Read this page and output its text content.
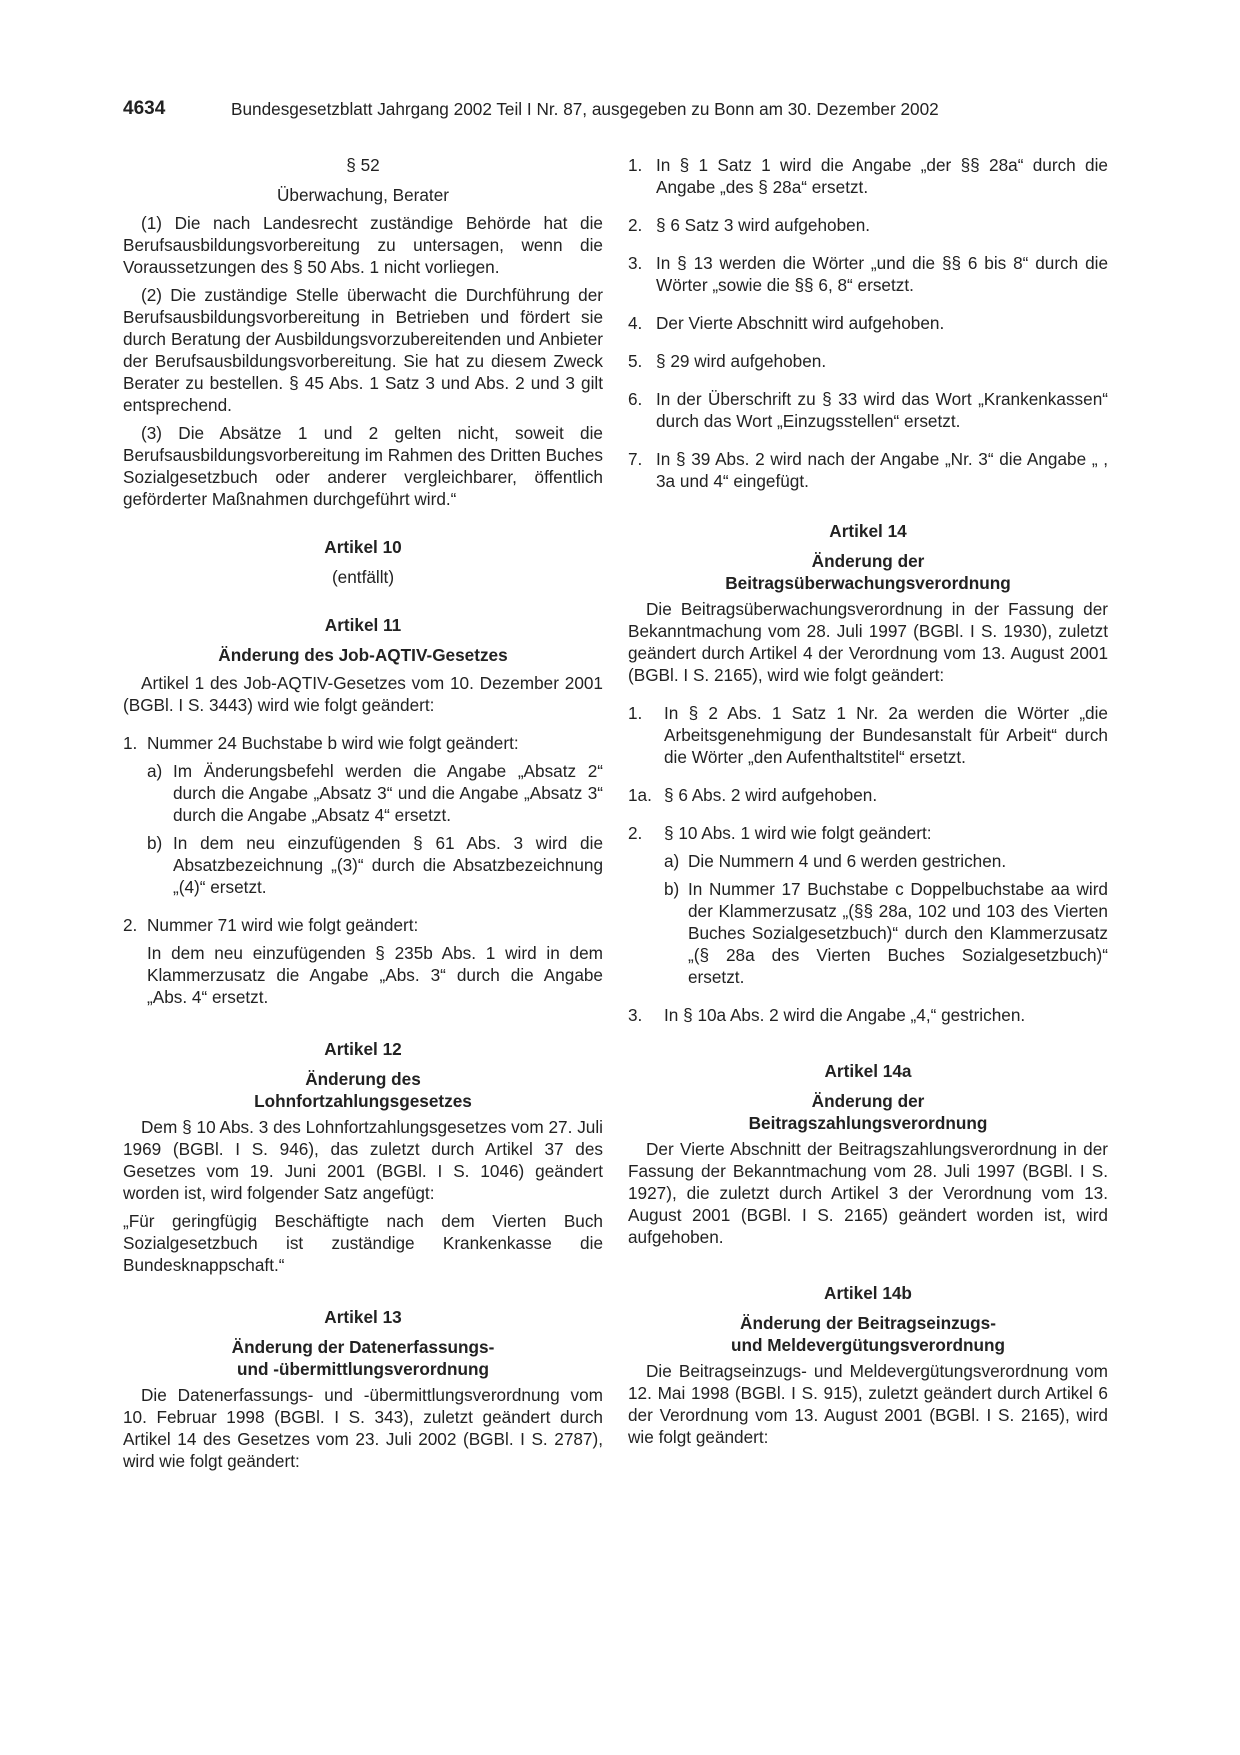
4634	Bundesgesetzblatt Jahrgang 2002 Teil I Nr. 87, ausgegeben zu Bonn am 30. Dezember 2002

§ 52

Überwachung, Berater

(1) Die nach Landesrecht zuständige Behörde hat die Berufsausbildungsvorbereitung zu untersagen, wenn die Voraussetzungen des § 50 Abs. 1 nicht vorliegen.

(2) Die zuständige Stelle überwacht die Durchführung der Berufsausbildungsvorbereitung in Betrieben und fördert sie durch Beratung der Ausbildungsvorzubereitenden und Anbieter der Berufsausbildungsvorbereitung. Sie hat zu diesem Zweck Berater zu bestellen. § 45 Abs. 1 Satz 3 und Abs. 2 und 3 gilt entsprechend.

(3) Die Absätze 1 und 2 gelten nicht, soweit die Berufsausbildungsvorbereitung im Rahmen des Dritten Buches Sozialgesetzbuch oder anderer vergleichbarer, öffentlich geförderter Maßnahmen durchgeführt wird.“

Artikel 10

(entfällt)

Artikel 11

Änderung des Job-AQTIV-Gesetzes

Artikel 1 des Job-AQTIV-Gesetzes vom 10. Dezember 2001 (BGBl. I S. 3443) wird wie folgt geändert:

1. Nummer 24 Buchstabe b wird wie folgt geändert:

a) Im Änderungsbefehl werden die Angabe „Absatz 2“ durch die Angabe „Absatz 3“ und die Angabe „Absatz 3“ durch die Angabe „Absatz 4“ ersetzt.

b) In dem neu einzufügenden § 61 Abs. 3 wird die Absatzbezeichnung „(3)“ durch die Absatzbezeichnung „(4)“ ersetzt.

2. Nummer 71 wird wie folgt geändert:

In dem neu einzufügenden § 235b Abs. 1 wird in dem Klammerzusatz die Angabe „Abs. 3“ durch die Angabe „Abs. 4“ ersetzt.

Artikel 12

Änderung des

Lohnfortzahlungsgesetzes

Dem § 10 Abs. 3 des Lohnfortzahlungsgesetzes vom 27. Juli 1969 (BGBl. I S. 946), das zuletzt durch Artikel 37 des Gesetzes vom 19. Juni 2001 (BGBl. I S. 1046) geändert worden ist, wird folgender Satz angefügt:

„Für geringfügig Beschäftigte nach dem Vierten Buch Sozialgesetzbuch ist zuständige Krankenkasse die Bundesknappschaft.“

Artikel 13

Änderung der Datenerfassungs-

und -übermittlungsverordnung

Die Datenerfassungs- und -übermittlungsverordnung vom 10. Februar 1998 (BGBl. I S. 343), zuletzt geändert durch Artikel 14 des Gesetzes vom 23. Juli 2002 (BGBl. I S. 2787), wird wie folgt geändert:

1. In § 1 Satz 1 wird die Angabe „der §§ 28a“ durch die Angabe „des § 28a“ ersetzt.

2. § 6 Satz 3 wird aufgehoben.

3. In § 13 werden die Wörter „und die §§ 6 bis 8“ durch die Wörter „sowie die §§ 6, 8“ ersetzt.

4. Der Vierte Abschnitt wird aufgehoben.

5. § 29 wird aufgehoben.

6. In der Überschrift zu § 33 wird das Wort „Krankenkassen“ durch das Wort „Einzugsstellen“ ersetzt.

7. In § 39 Abs. 2 wird nach der Angabe „Nr. 3“ die Angabe „ , 3a und 4“ eingefügt.

Artikel 14

Änderung der

Beitragsüberwachungsverordnung

Die Beitragsüberwachungsverordnung in der Fassung der Bekanntmachung vom 28. Juli 1997 (BGBl. I S. 1930), zuletzt geändert durch Artikel 4 der Verordnung vom 13. August 2001 (BGBl. I S. 2165), wird wie folgt geändert:

1. In § 2 Abs. 1 Satz 1 Nr. 2a werden die Wörter „die Arbeitsgenehmigung der Bundesanstalt für Arbeit“ durch die Wörter „den Aufenthaltstitel“ ersetzt.

1a. § 6 Abs. 2 wird aufgehoben.

2. § 10 Abs. 1 wird wie folgt geändert:

a) Die Nummern 4 und 6 werden gestrichen.

b) In Nummer 17 Buchstabe c Doppelbuchstabe aa wird der Klammerzusatz „(§§ 28a, 102 und 103 des Vierten Buches Sozialgesetzbuch)“ durch den Klammerzusatz „(§ 28a des Vierten Buches Sozialgesetzbuch)“ ersetzt.

3. In § 10a Abs. 2 wird die Angabe „4,“ gestrichen.

Artikel 14a

Änderung der

Beitragszahlungsverordnung

Der Vierte Abschnitt der Beitragszahlungsverordnung in der Fassung der Bekanntmachung vom 28. Juli 1997 (BGBl. I S. 1927), die zuletzt durch Artikel 3 der Verordnung vom 13. August 2001 (BGBl. I S. 2165) geändert worden ist, wird aufgehoben.

Artikel 14b

Änderung der Beitragseinzugs-

und Meldevergütungsverordnung

Die Beitragseinzugs- und Meldevergütungsverordnung vom 12. Mai 1998 (BGBl. I S. 915), zuletzt geändert durch Artikel 6 der Verordnung vom 13. August 2001 (BGBl. I S. 2165), wird wie folgt geändert:
